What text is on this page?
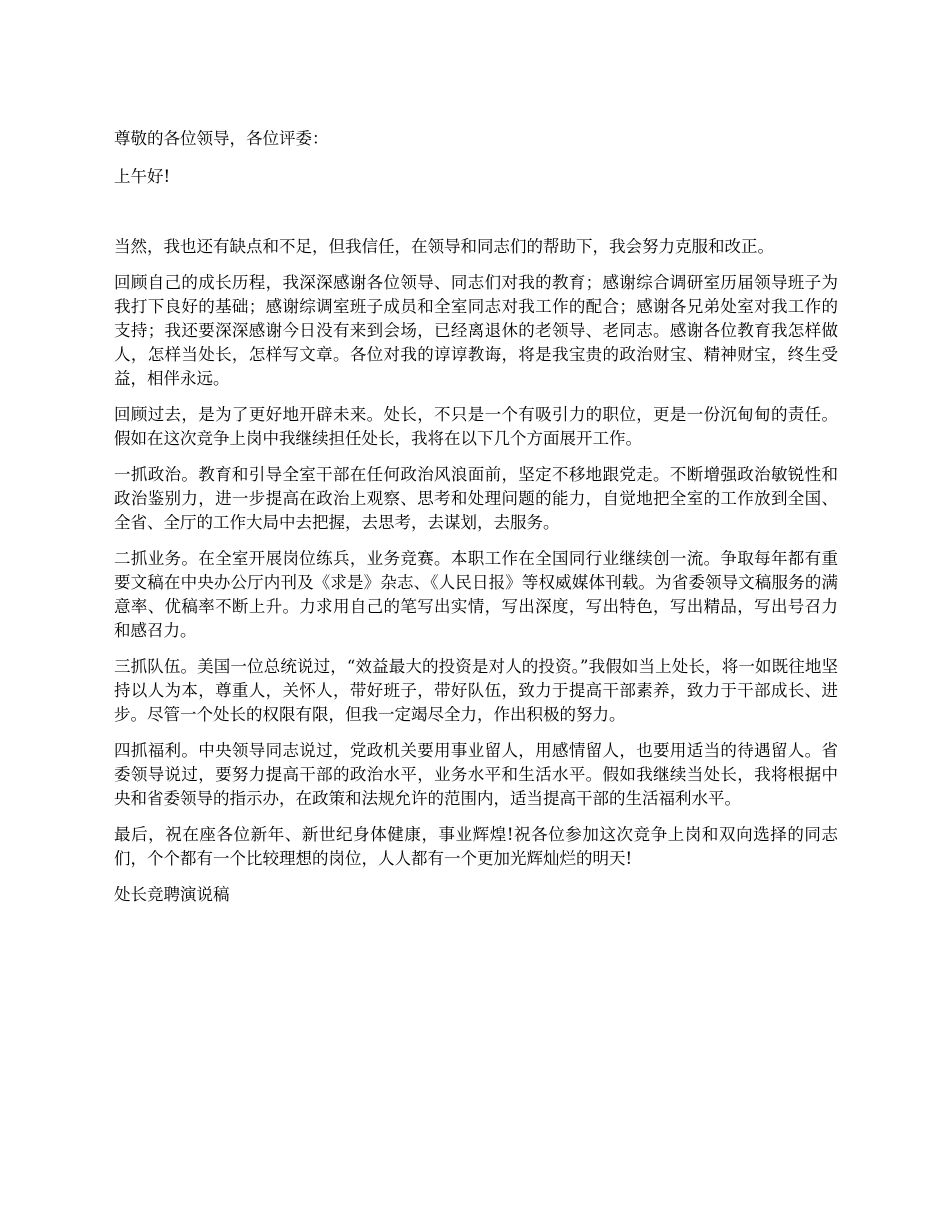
尊敬的各位领导，各位评委：

上午好!

当然，我也还有缺点和不足，但我信任，在领导和同志们的帮助下，我会努力克服和改正。

回顾自己的成长历程，我深深感谢各位领导、同志们对我的教育；感谢综合调研室历届领导班子为我打下良好的基础；感谢综调室班子成员和全室同志对我工作的配合；感谢各兄弟处室对我工作的支持；我还要深深感谢今日没有来到会场，已经离退休的老领导、老同志。感谢各位教育我怎样做人，怎样当处长，怎样写文章。各位对我的谆谆教诲，将是我宝贵的政治财宝、精神财宝，终生受益，相伴永远。

回顾过去，是为了更好地开辟未来。处长，不只是一个有吸引力的职位，更是一份沉甸甸的责任。假如在这次竞争上岗中我继续担任处长，我将在以下几个方面展开工作。

一抓政治。教育和引导全室干部在任何政治风浪面前，坚定不移地跟党走。不断增强政治敏锐性和政治鉴别力，进一步提高在政治上观察、思考和处理问题的能力，自觉地把全室的工作放到全国、全省、全厅的工作大局中去把握，去思考，去谋划，去服务。

二抓业务。在全室开展岗位练兵，业务竞赛。本职工作在全国同行业继续创一流。争取每年都有重要文稿在中央办公厅内刊及《求是》杂志、《人民日报》等权威媒体刊载。为省委领导文稿服务的满意率、优稿率不断上升。力求用自己的笔写出实情，写出深度，写出特色，写出精品，写出号召力和感召力。

三抓队伍。美国一位总统说过，“效益最大的投资是对人的投资。”我假如当上处长，将一如既往地坚持以人为本，尊重人，关怀人，带好班子，带好队伍，致力于提高干部素养，致力于干部成长、进步。尽管一个处长的权限有限，但我一定竭尽全力，作出积极的努力。

四抓福利。中央领导同志说过，党政机关要用事业留人，用感情留人，也要用适当的待遇留人。省委领导说过，要努力提高干部的政治水平，业务水平和生活水平。假如我继续当处长，我将根据中央和省委领导的指示办，在政策和法规允许的范围内，适当提高干部的生活福利水平。

最后，祝在座各位新年、新世纪身体健康，事业辉煌!祝各位参加这次竞争上岗和双向选择的同志们，个个都有一个比较理想的岗位，人人都有一个更加光辉灿烂的明天!

处长竞聘演说稿
